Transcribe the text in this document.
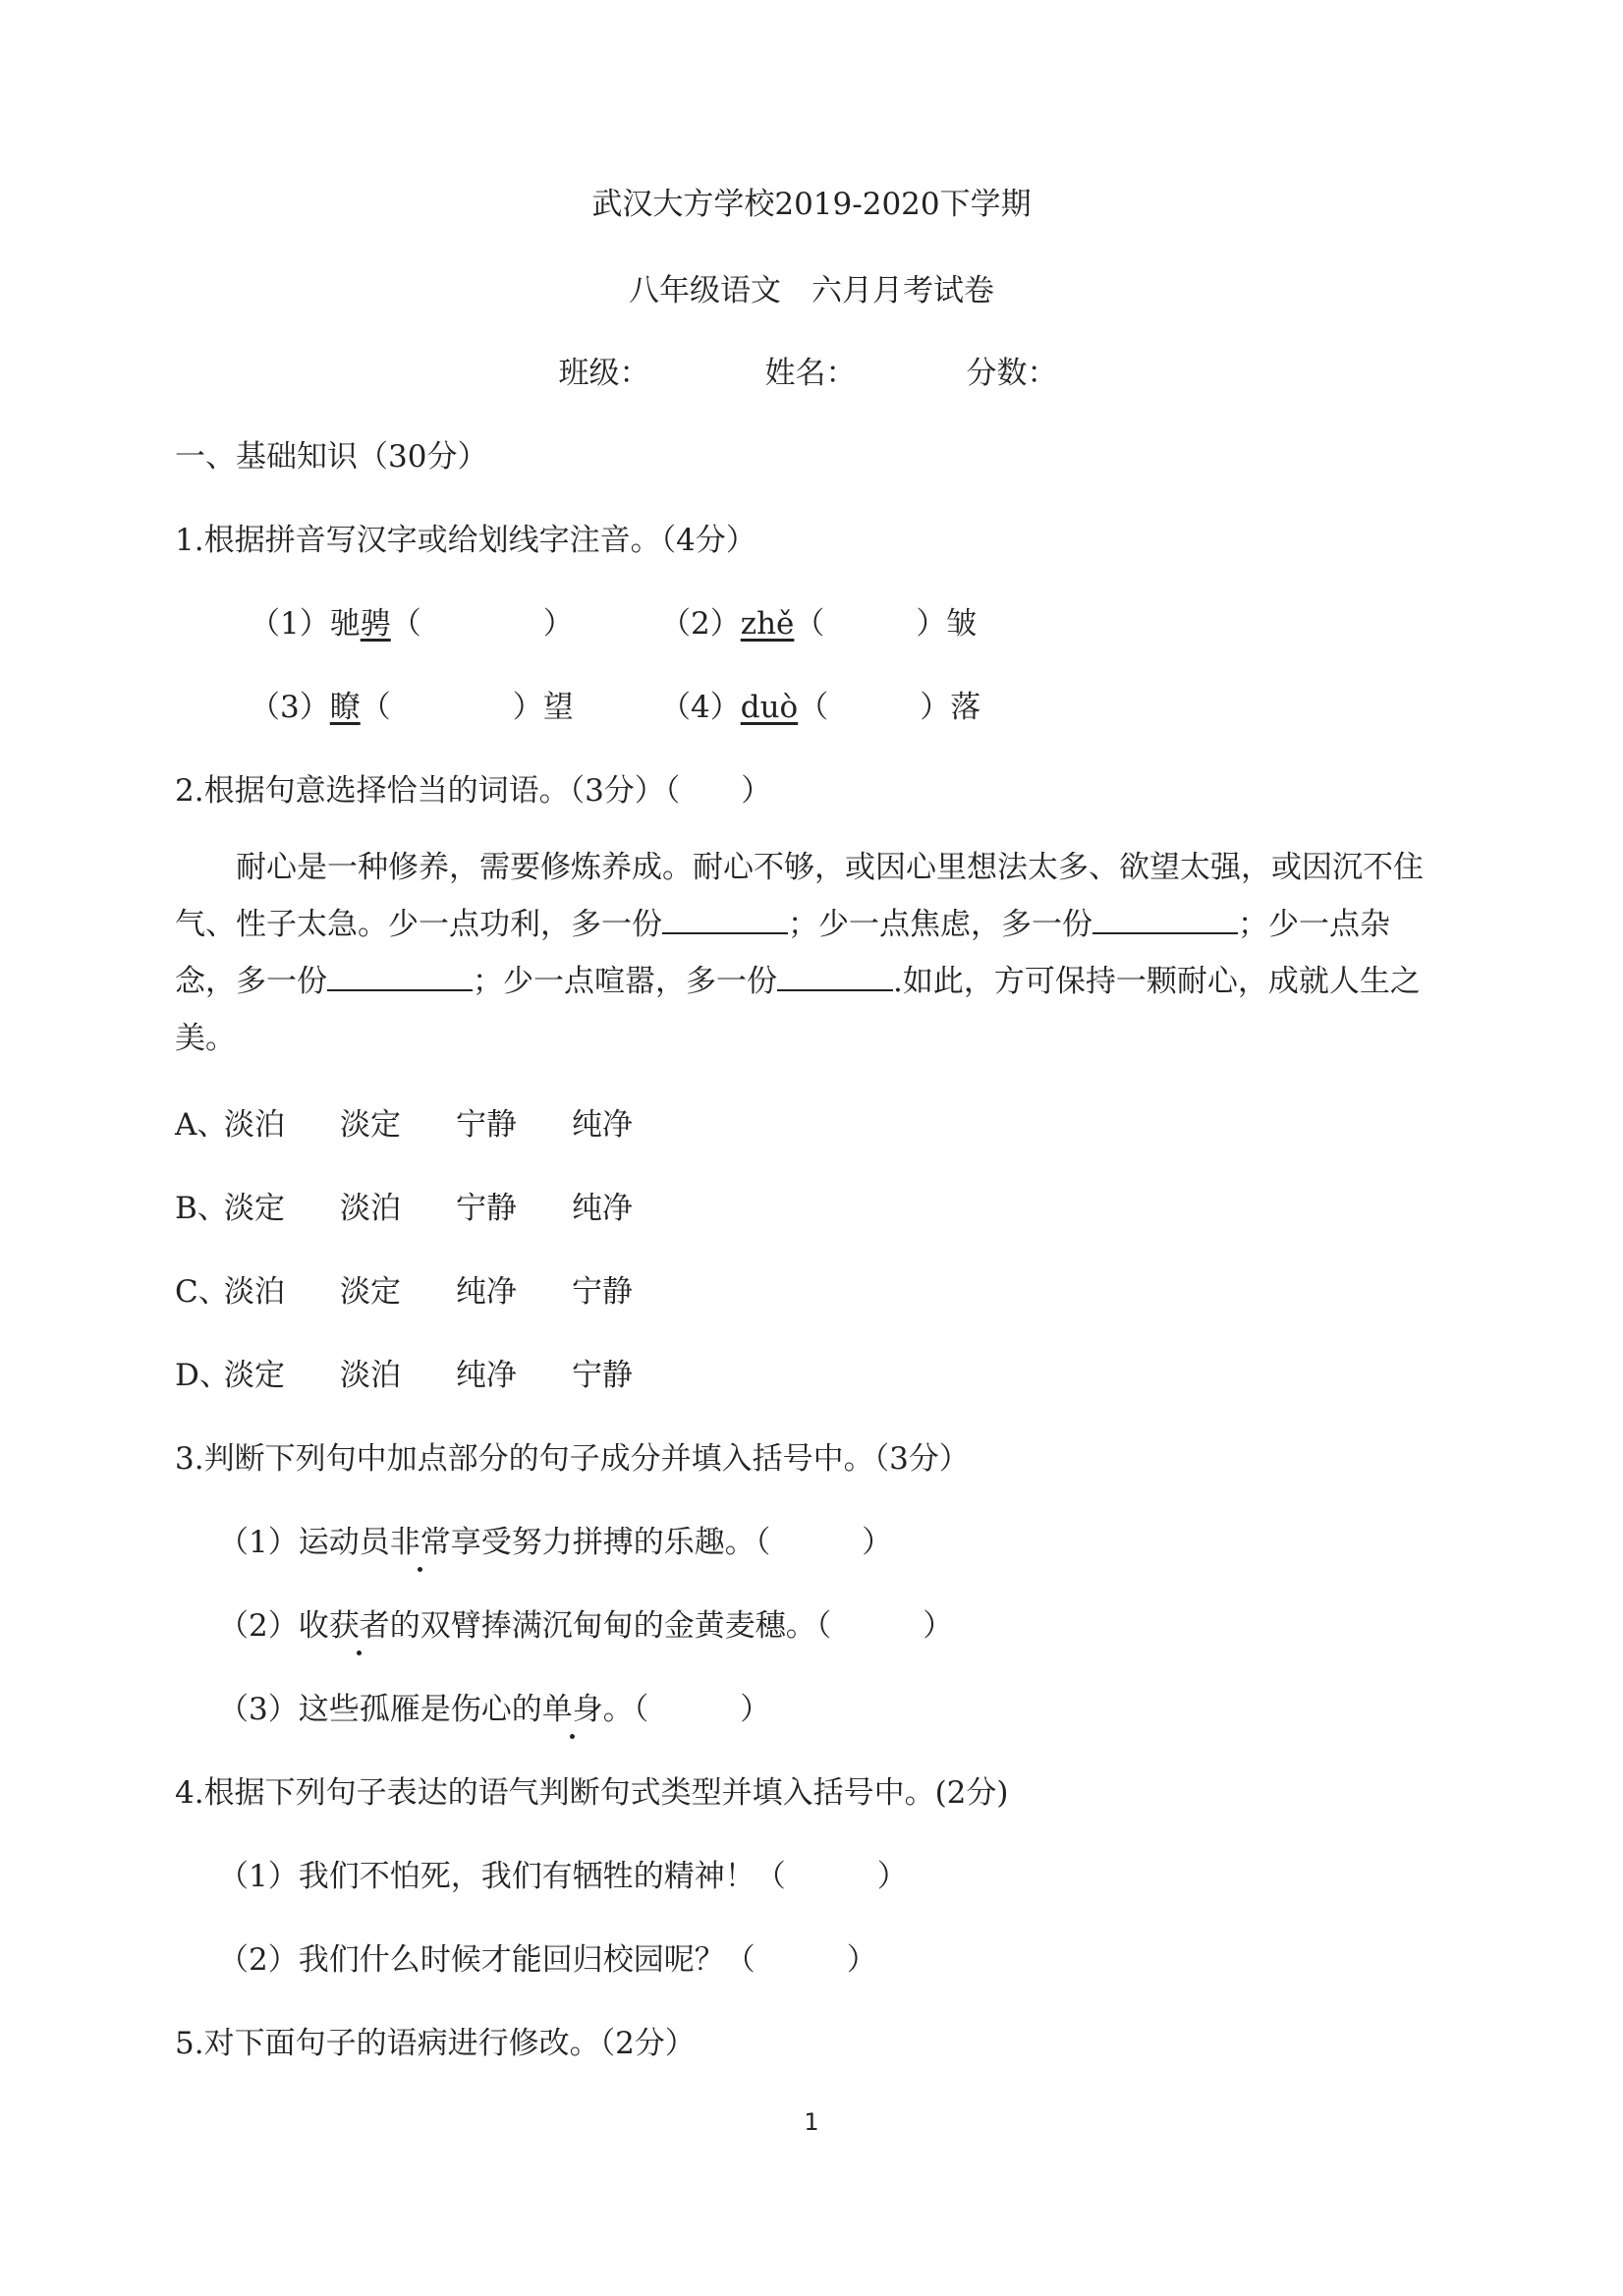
武汉大方学校2019-2020下学期
八年级语文　六月月考试卷
班级：	姓名：	分数：
一、基础知识（30分）
1.根据拼音写汉字或给划线字注音。（4分）
（1）驰骋（　　　　）	（2）zhě（　　　）皱
（3）瞭（　　　　）望	（4）duò（　　　）落
2.根据句意选择恰当的词语。（3分）（　　）
耐心是一种修养，需要修炼养成。耐心不够，或因心里想法太多、欲望太强，或因沉不住气、性子太急。少一点功利，多一份	；少一点焦虑，多一份	；少一点杂念，多一份	；少一点喧嚣，多一份	.如此，方可保持一颗耐心，成就人生之美。
A、淡泊 淡定 宁静 纯净
B、淡定 淡泊 宁静 纯净
C、淡泊 淡定 纯净 宁静
D、淡定 淡泊 纯净 宁静
3.判断下列句中加点部分的句子成分并填入括号中。（3分）
（1）运动员非常享受努力拼搏的乐趣。（　　　）
（2）收获者的双臂捧满沉甸甸的金黄麦穗。（　　　）
（3）这些孤雁是伤心的单身。（　　　）
4.根据下列句子表达的语气判断句式类型并填入括号中。(2分)
（1）我们不怕死，我们有牺牲的精神！（　　　）
（2）我们什么时候才能回归校园呢？（　　　）
5.对下面句子的语病进行修改。（2分）
1
